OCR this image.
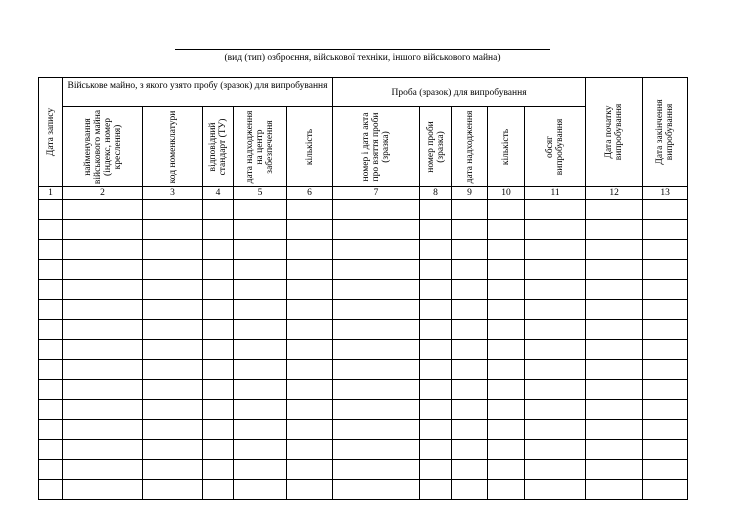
(вид (тип) озброєння, військової техніки, іншого військового майна)
Дата запису	Військове майно, з якого узято пробу (зразок) для випробування					Проба (зразок) для випробування					Дата початку випробування	Дата закінчення випробування

	найменування військового майна (індекс, номер креслення)	код номенклатури	відповідний стандарт (ТУ)	дата надходження на центр забезпечення	кількість	номер і дата акта про взяття проби (зразка)	номер проби (зразка)	дата надходження	кількість	обсяг випробування		

1	2	3	4	5	6	7	8	9	10	11	12	13
